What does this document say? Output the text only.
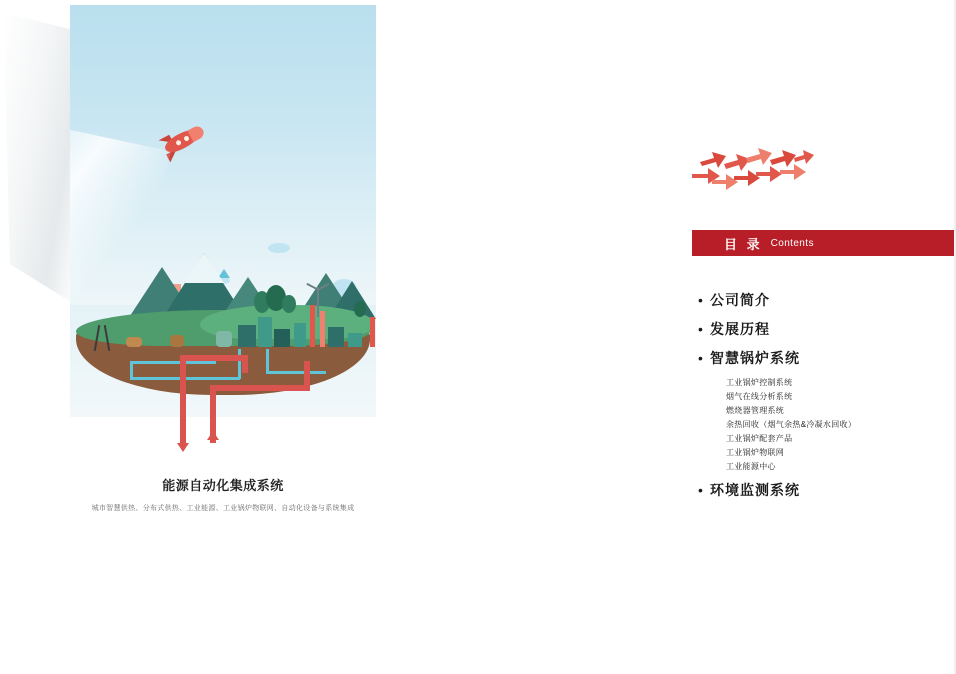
能源自动化集成系统
城市智慧供热、分布式供热、工业能源、工业锅炉物联网、自动化设备与系统集成
目 录 Contents
• 公司简介
• 发展历程
• 智慧锅炉系统
工业锅炉控制系统
烟气在线分析系统
燃烧器管理系统
余热回收（烟气余热&冷凝水回收）
工业锅炉配套产品
工业锅炉物联网
工业能源中心
• 环境监测系统
